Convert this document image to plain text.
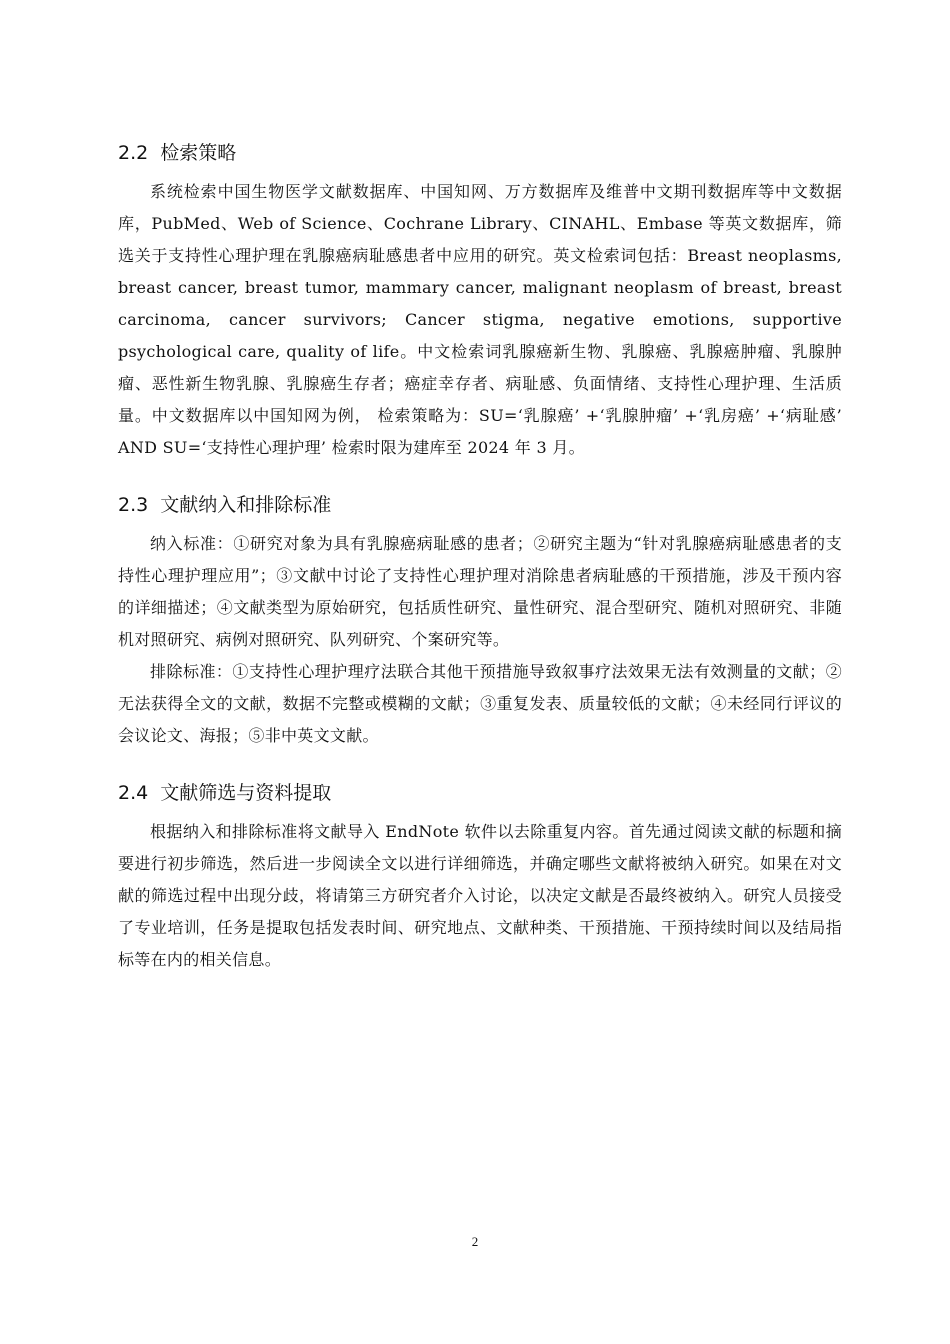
2.2 检索策略

系统检索中国生物医学文献数据库、中国知网、万方数据库及维普中文期刊数据库等中文数据库，PubMed、Web of Science、Cochrane Library、CINAHL、Embase 等英文数据库，筛选关于支持性心理护理在乳腺癌病耻感患者中应用的研究。英文检索词包括：Breast neoplasms, breast cancer, breast tumor, mammary cancer, malignant neoplasm of breast, breast carcinoma, cancer survivors; Cancer stigma, negative emotions, supportive psychological care, quality of life。中文检索词乳腺癌新生物、乳腺癌、乳腺癌肿瘤、乳腺肿瘤、恶性新生物乳腺、乳腺癌生存者；癌症幸存者、病耻感、负面情绪、支持性心理护理、生活质量。中文数据库以中国知网为例， 检索策略为：SU=‘乳腺癌’ +‘乳腺肿瘤’ +‘乳房癌’ +‘病耻感’ AND SU=‘支持性心理护理’ 检索时限为建库至 2024 年 3 月。

2.3 文献纳入和排除标准

纳入标准：①研究对象为具有乳腺癌病耻感的患者；②研究主题为“针对乳腺癌病耻感患者的支持性心理护理应用”；③文献中讨论了支持性心理护理对消除患者病耻感的干预措施，涉及干预内容的详细描述；④文献类型为原始研究，包括质性研究、量性研究、混合型研究、随机对照研究、非随机对照研究、病例对照研究、队列研究、个案研究等。

排除标准：①支持性心理护理疗法联合其他干预措施导致叙事疗法效果无法有效测量的文献；②无法获得全文的文献，数据不完整或模糊的文献；③重复发表、质量较低的文献；④未经同行评议的会议论文、海报；⑤非中英文文献。

2.4 文献筛选与资料提取

根据纳入和排除标准将文献导入 EndNote 软件以去除重复内容。首先通过阅读文献的标题和摘要进行初步筛选，然后进一步阅读全文以进行详细筛选，并确定哪些文献将被纳入研究。如果在对文献的筛选过程中出现分歧，将请第三方研究者介入讨论，以决定文献是否最终被纳入。研究人员接受了专业培训，任务是提取包括发表时间、研究地点、文献种类、干预措施、干预持续时间以及结局指标等在内的相关信息。

2
